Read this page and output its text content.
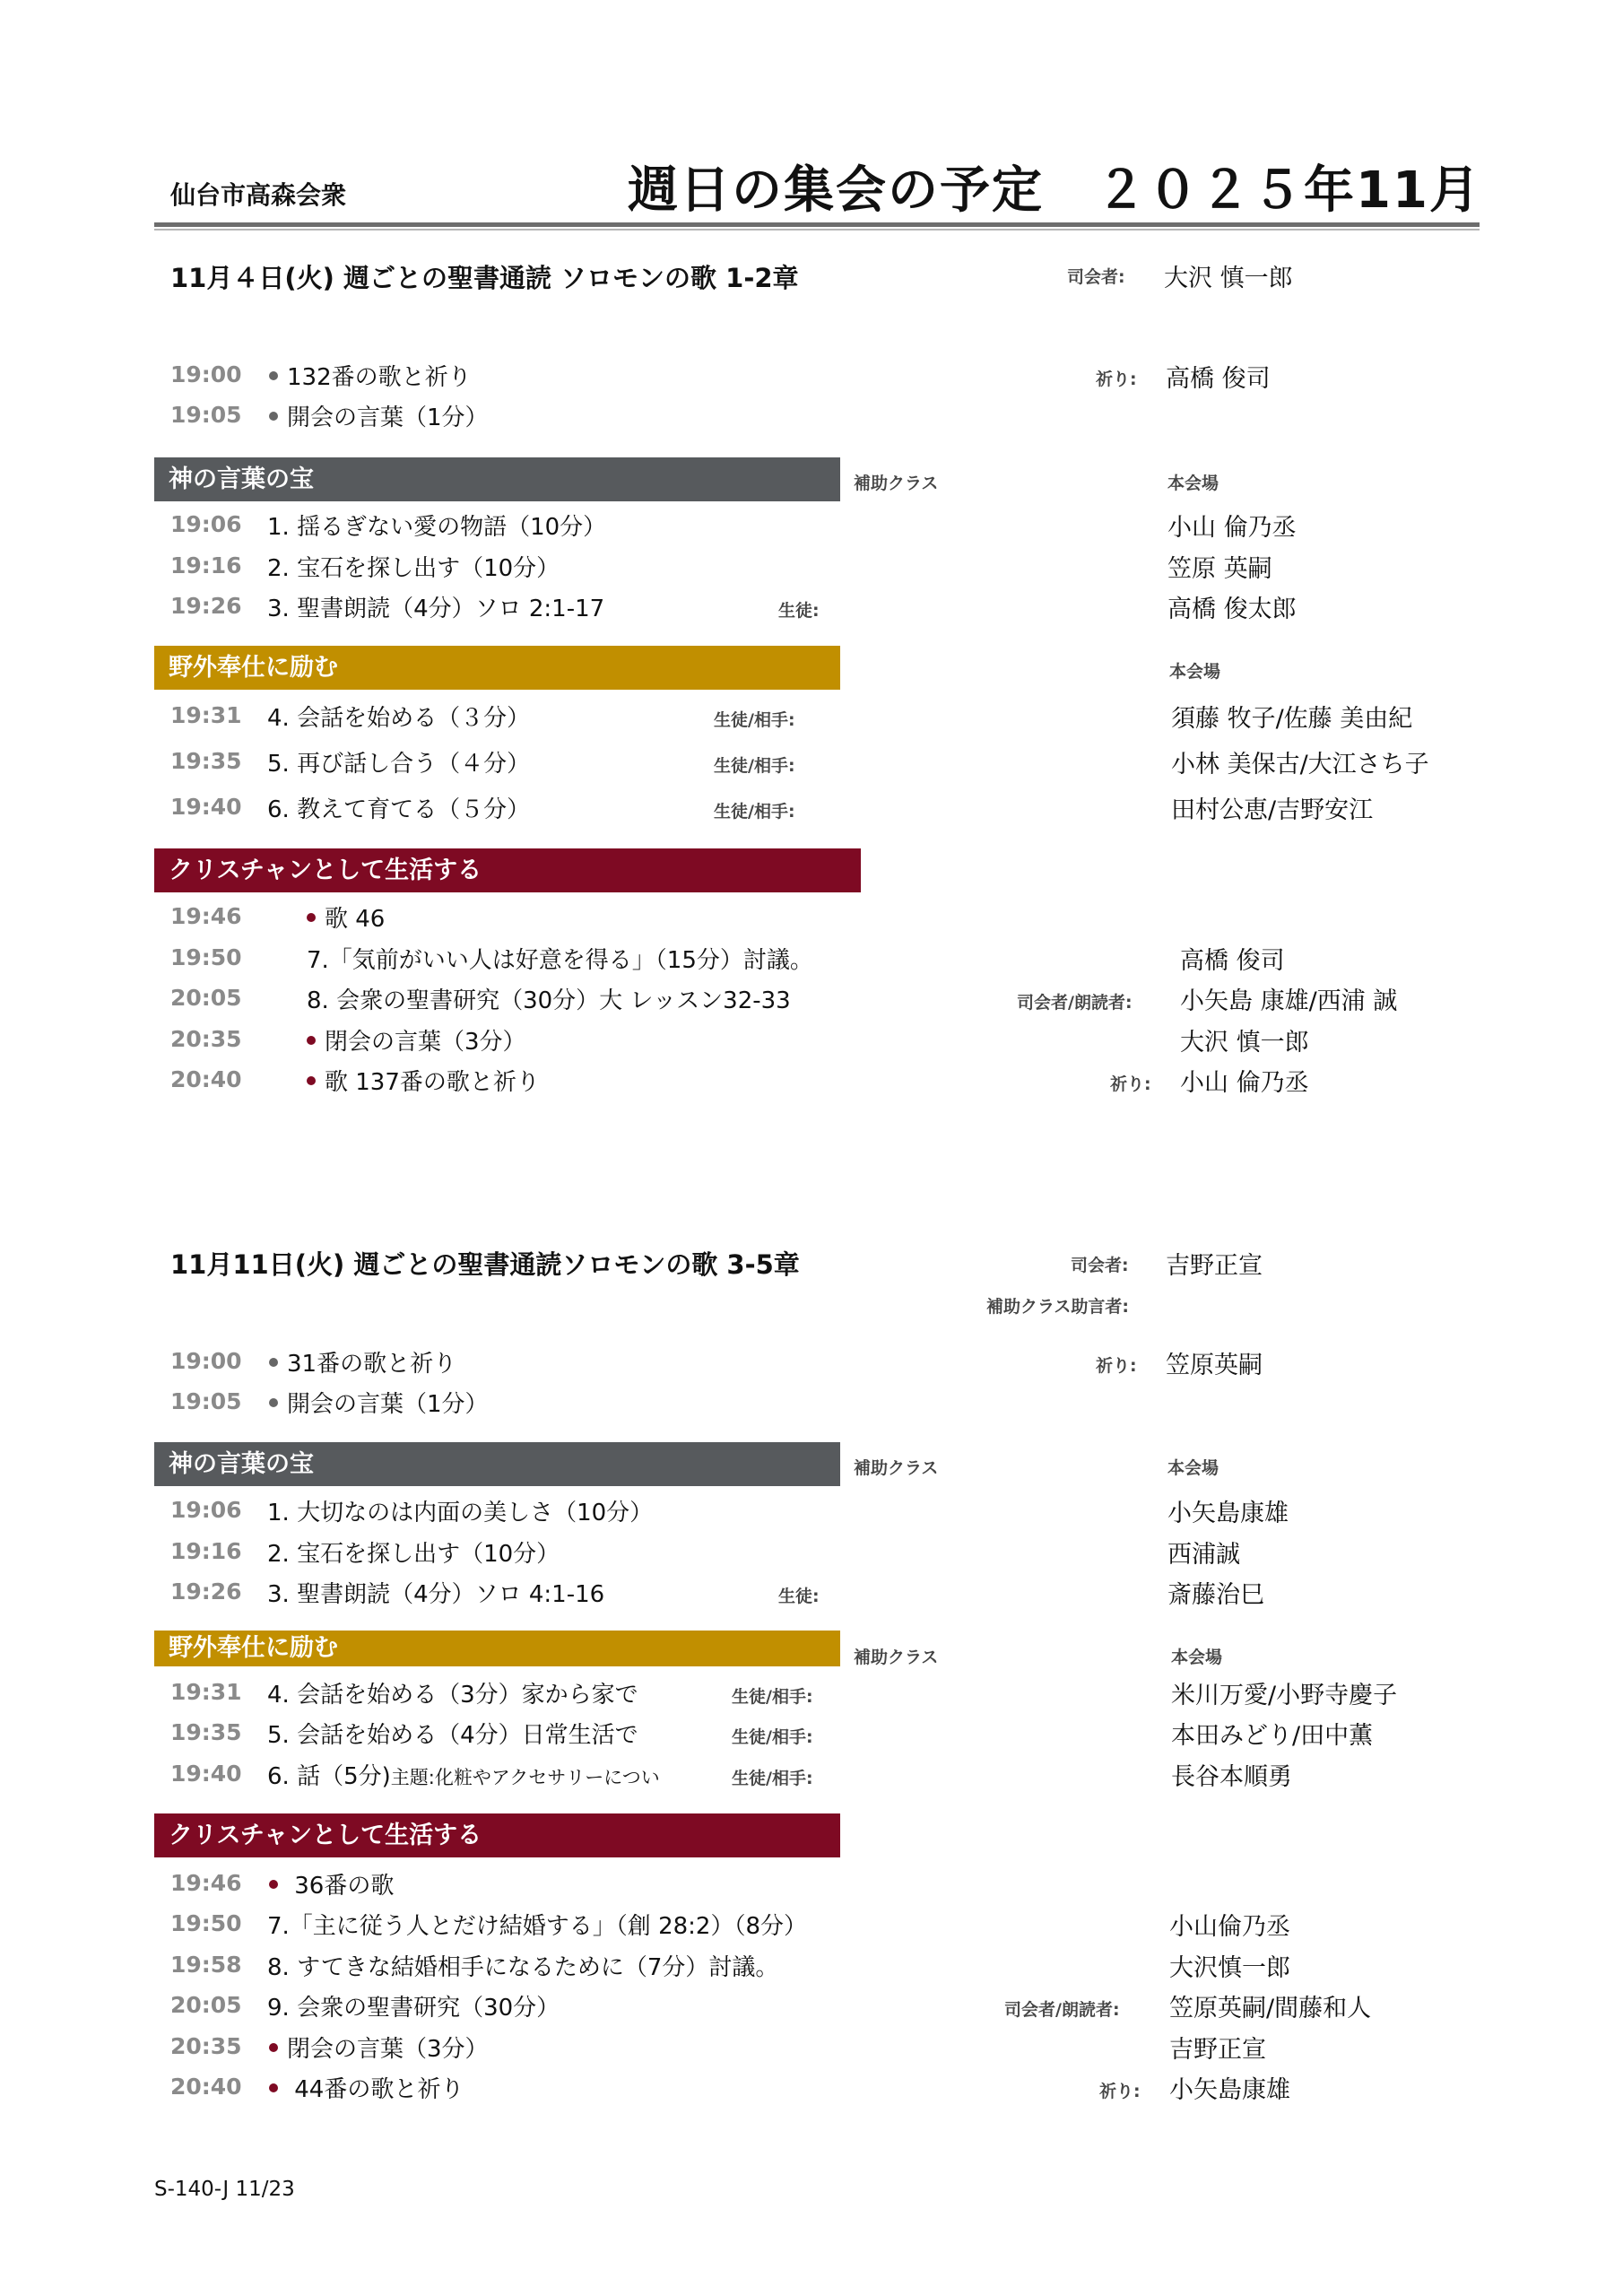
仙台市高森会衆	週日の集会の予定　２０２５年11月
11月４日(火) 週ごとの聖書通読 ソロモンの歌 1-2章	司会者: 大沢 慎一郎
19:00	132番の歌と祈り	祈り: 高橋 俊司
19:05	開会の言葉（1分）
神の言葉の宝	補助クラス	本会場
19:06 1. 揺るぎない愛の物語（10分）	小山 倫乃丞
19:16 2. 宝石を探し出す（10分）	笠原 英嗣
19:26 3. 聖書朗読（4分）ソロ 2:1-17	生徒:	高橋 俊太郎
野外奉仕に励む	本会場
19:31 4. 会話を始める（３分）	生徒/相手:	須藤 牧子/佐藤 美由紀
19:35 5. 再び話し合う（４分）	生徒/相手:	小林 美保古/大江さち子
19:40 6. 教えて育てる（５分）	生徒/相手:	田村公恵/吉野安江
クリスチャンとして生活する
19:46	歌 46
19:50	7.「気前がいい人は好意を得る」（15分）討議。	高橋 俊司
20:05	8. 会衆の聖書研究（30分）大 レッスン32-33	司会者/朗読者: 小矢島 康雄/西浦 誠
20:35	閉会の言葉（3分）	大沢 慎一郎
20:40	歌 137番の歌と祈り	祈り: 小山 倫乃丞
11月11日(火) 週ごとの聖書通読ソロモンの歌 3-5章	司会者: 吉野正宣
補助クラス助言者:
19:00	31番の歌と祈り	祈り: 笠原英嗣
19:05	開会の言葉（1分）
神の言葉の宝	補助クラス	本会場
19:06 1. 大切なのは内面の美しさ（10分）	小矢島康雄
19:16 2. 宝石を探し出す（10分）	西浦誠
19:26 3. 聖書朗読（4分）ソロ 4:1-16	生徒:	斎藤治巳
野外奉仕に励む	補助クラス	本会場
19:31 4. 会話を始める（3分）家から家で	生徒/相手:	米川万愛/小野寺慶子
19:35 5. 会話を始める（4分）日常生活で	生徒/相手:	本田みどり/田中薫
19:40 6. 話（5分)主題:化粧やアクセサリーについ	生徒/相手:	長谷本順勇
クリスチャンとして生活する
19:46	36番の歌
19:50 7.「主に従う人とだけ結婚する」（創 28:2）（8分）	小山倫乃丞
19:58 8. すてきな結婚相手になるために（7分）討議。	大沢慎一郎
20:05 9. 会衆の聖書研究（30分）	司会者/朗読者: 笠原英嗣/間藤和人
20:35	閉会の言葉（3分）	吉野正宣
20:40	44番の歌と祈り	祈り: 小矢島康雄
S-140-J 11/23
